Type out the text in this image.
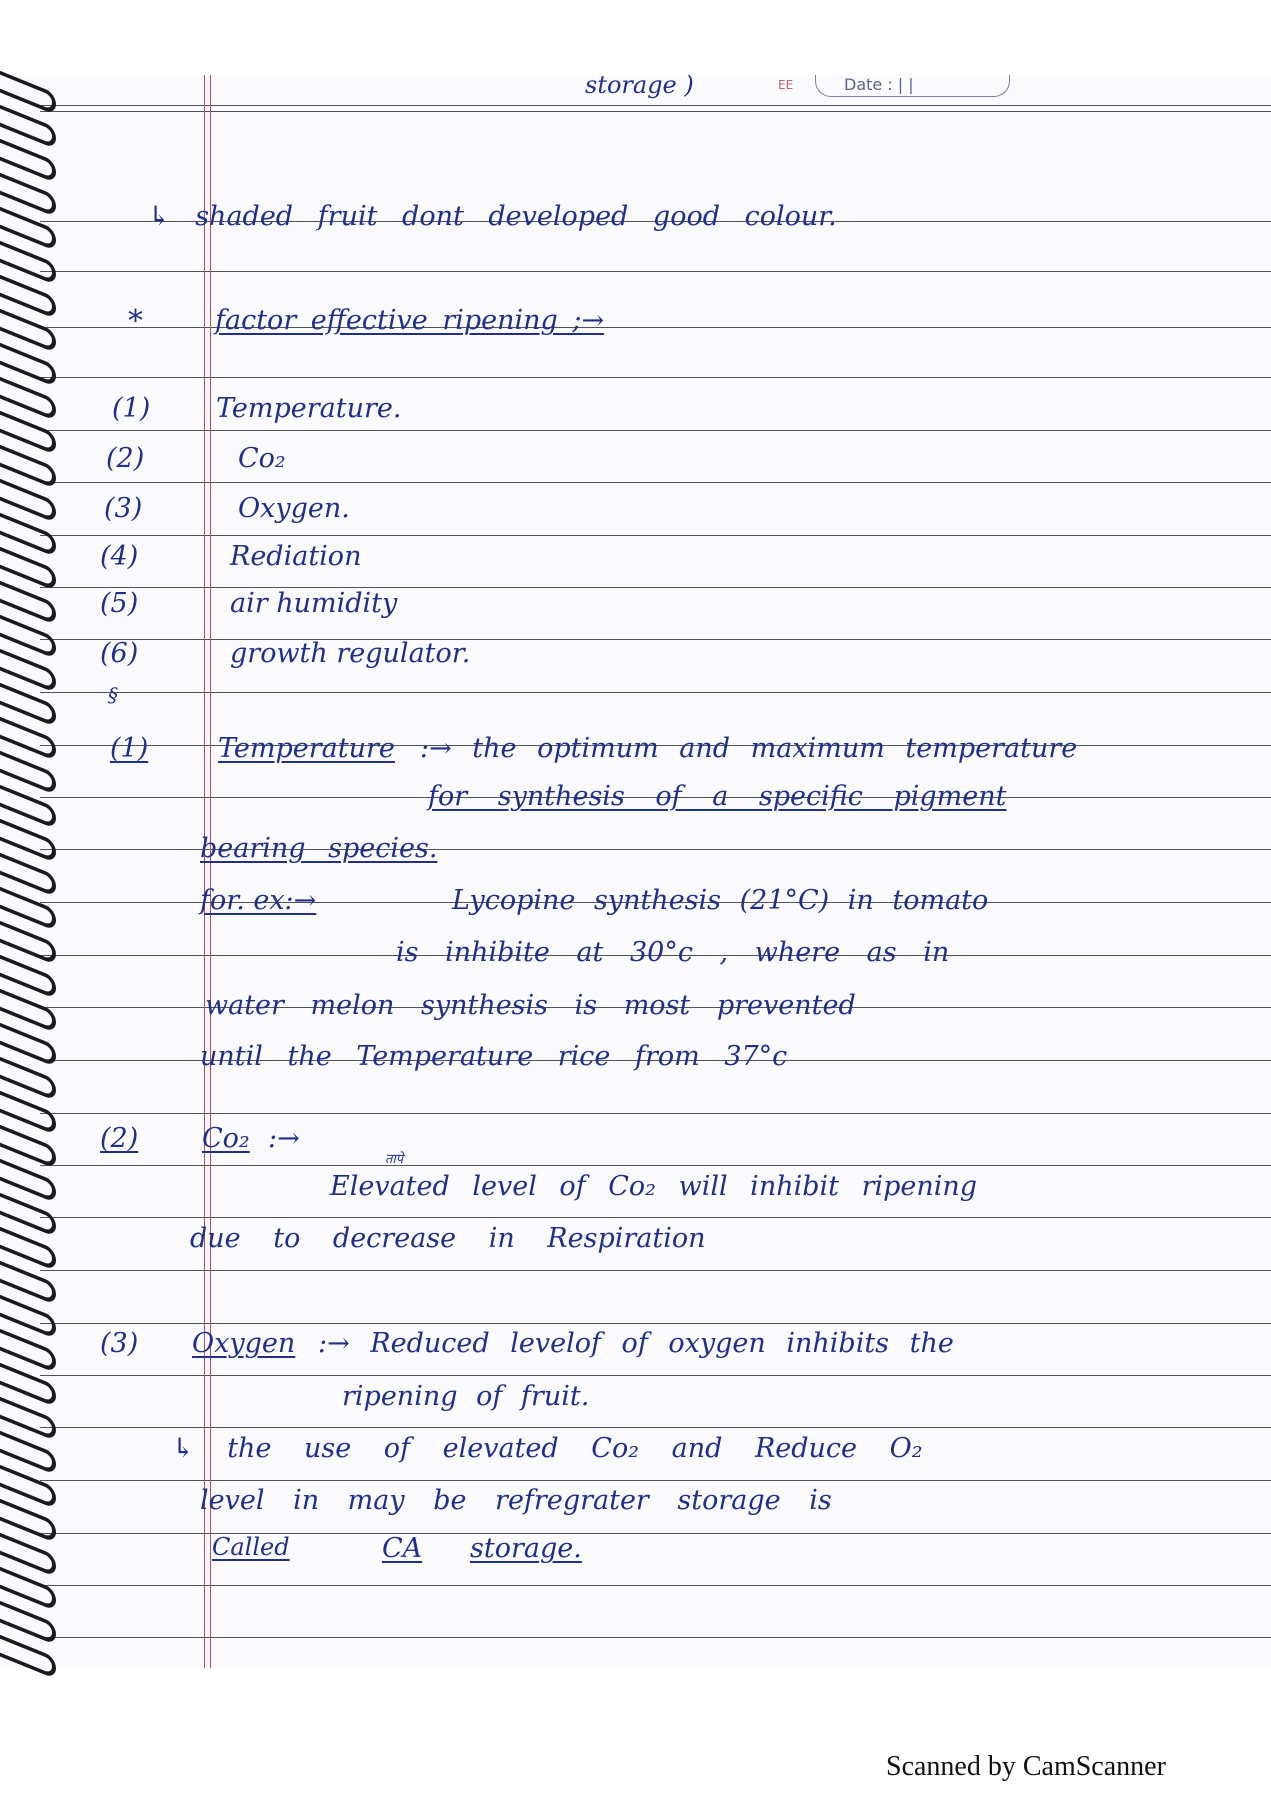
storage )	EE	Date : | |
↳ shaded fruit dont developed good colour.
*	factor effective ripening ;→
(1) Temperature.
(2)	Co₂
(3)	Oxygen.
(4)	Rediation
(5)	air humidity
(6)	growth regulator.
§
(1)	Temperature :→ the optimum and maximum temperature
for synthesis of a specific pigment
bearing species.
for. ex:→	Lycopine synthesis (21°C) in tomato
is inhibite at 30°c , where as in
water melon synthesis is most prevented
until the Temperature rice from 37°c
(2) Co₂ :→
तापे
Elevated level of Co₂ will inhibit ripening
due to decrease in Respiration
(3) Oxygen :→ Reduced levelof of oxygen inhibits the
ripening of fruit.
↳ the use of elevated Co₂ and Reduce O₂
level in may be refregrater storage is
Called	CA storage.
Scanned by CamScanner
